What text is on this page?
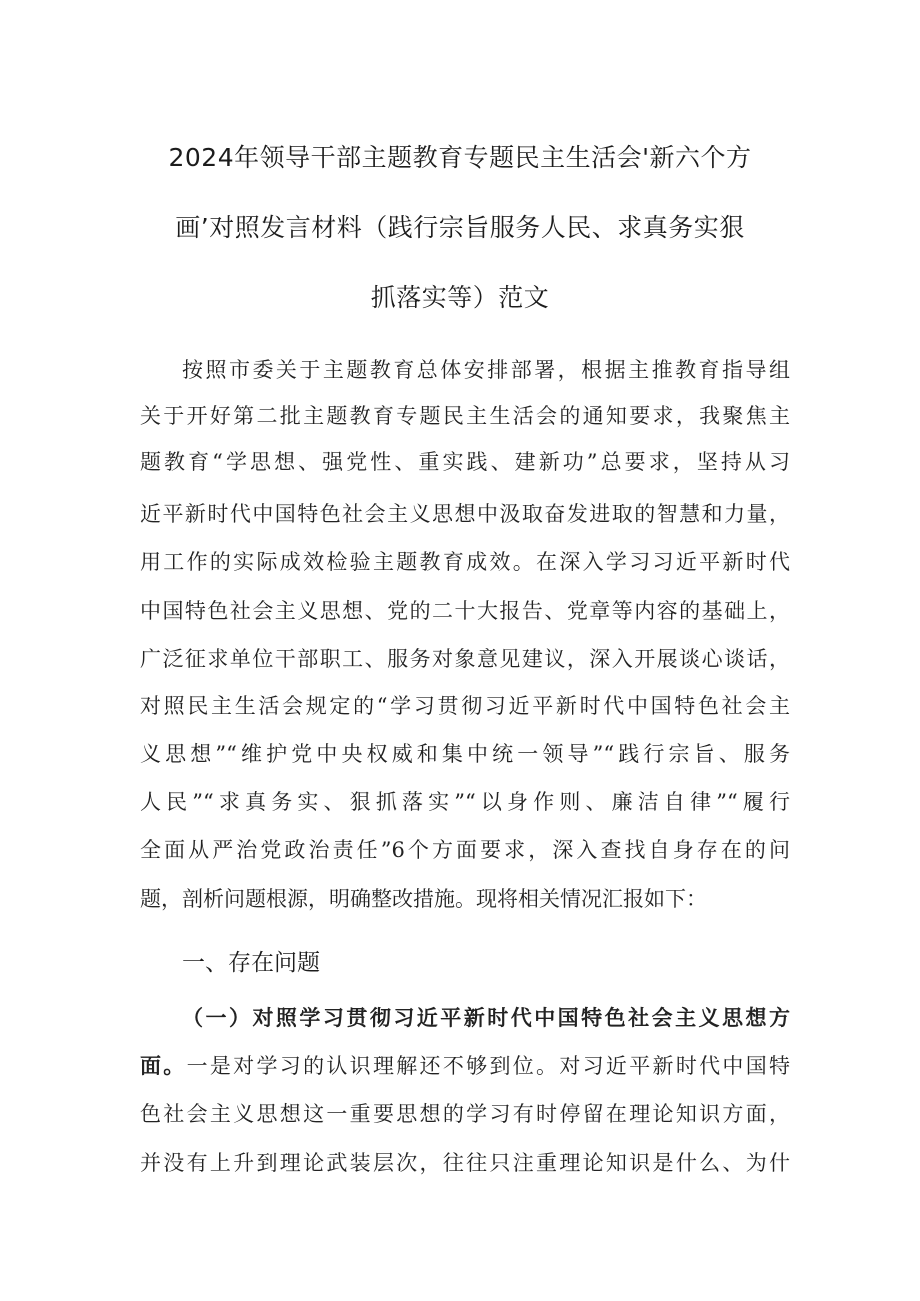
2024年领导干部主题教育专题民主生活会'新六个方
画’对照发言材料（践行宗旨服务人民、求真务实狠
抓落实等）范文
按照市委关于主题教育总体安排部署，根据主推教育指导组
关于开好第二批主题教育专题民主生活会的通知要求，我聚焦主
题教育“学思想、强党性、重实践、建新功”总要求，坚持从习
近平新时代中国特色社会主义思想中汲取奋发进取的智慧和力量，
用工作的实际成效检验主题教育成效。在深入学习习近平新时代
中国特色社会主义思想、党的二十大报告、党章等内容的基础上，
广泛征求单位干部职工、服务对象意见建议，深入开展谈心谈话，
对照民主生活会规定的“学习贯彻习近平新时代中国特色社会主
义思想”“维护党中央权威和集中统一领导”“践行宗旨、服务
人民”“求真务实、狠抓落实”“以身作则、廉洁自律”“履行
全面从严治党政治责任”6个方面要求，深入查找自身存在的问
题，剖析问题根源，明确整改措施。现将相关情况汇报如下：
一、存在问题
（一）对照学习贯彻习近平新时代中国特色社会主义思想方
面。一是对学习的认识理解还不够到位。对习近平新时代中国特
色社会主义思想这一重要思想的学习有时停留在理论知识方面，
并没有上升到理论武装层次，往往只注重理论知识是什么、为什
